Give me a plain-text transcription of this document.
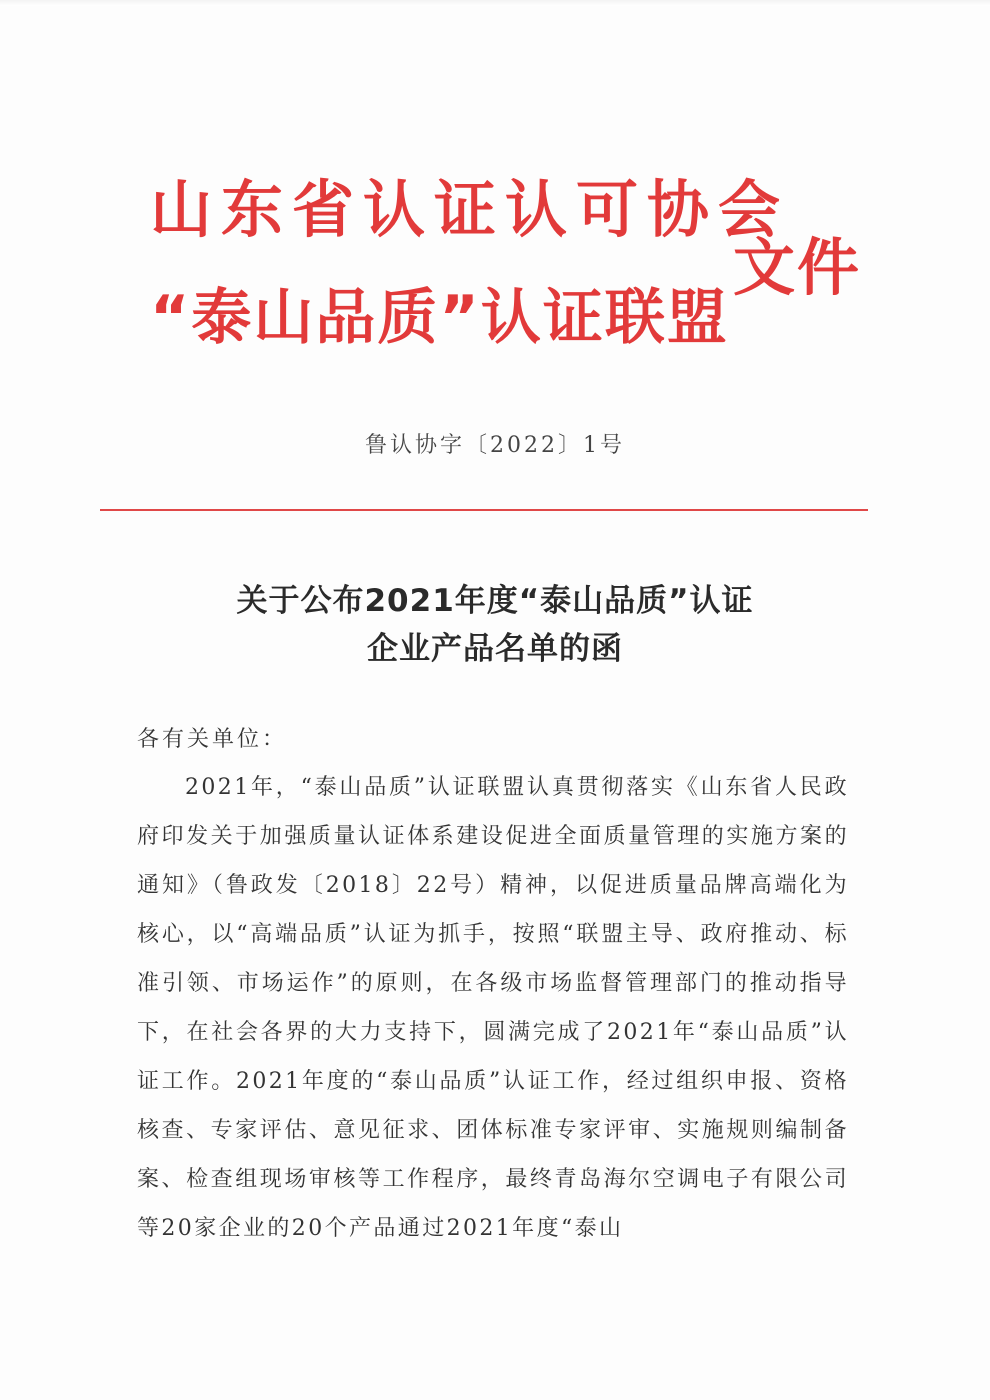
山东省认证认可协会
“泰山品质”认证联盟
文件
鲁认协字〔2022〕1号
关于公布2021年度“泰山品质”认证
企业产品名单的函
各有关单位：

2021年，“泰山品质”认证联盟认真贯彻落实《山东省人民政府印发关于加强质量认证体系建设促进全面质量管理的实施方案的通知》（鲁政发〔2018〕22号）精神，以促进质量品牌高端化为核心，以“高端品质”认证为抓手，按照“联盟主导、政府推动、标准引领、市场运作”的原则，在各级市场监督管理部门的推动指导下，在社会各界的大力支持下，圆满完成了2021年“泰山品质”认证工作。2021年度的“泰山品质”认证工作，经过组织申报、资格核查、专家评估、意见征求、团体标准专家评审、实施规则编制备案、检查组现场审核等工作程序，最终青岛海尔空调电子有限公司等20家企业的20个产品通过2021年度“泰山
